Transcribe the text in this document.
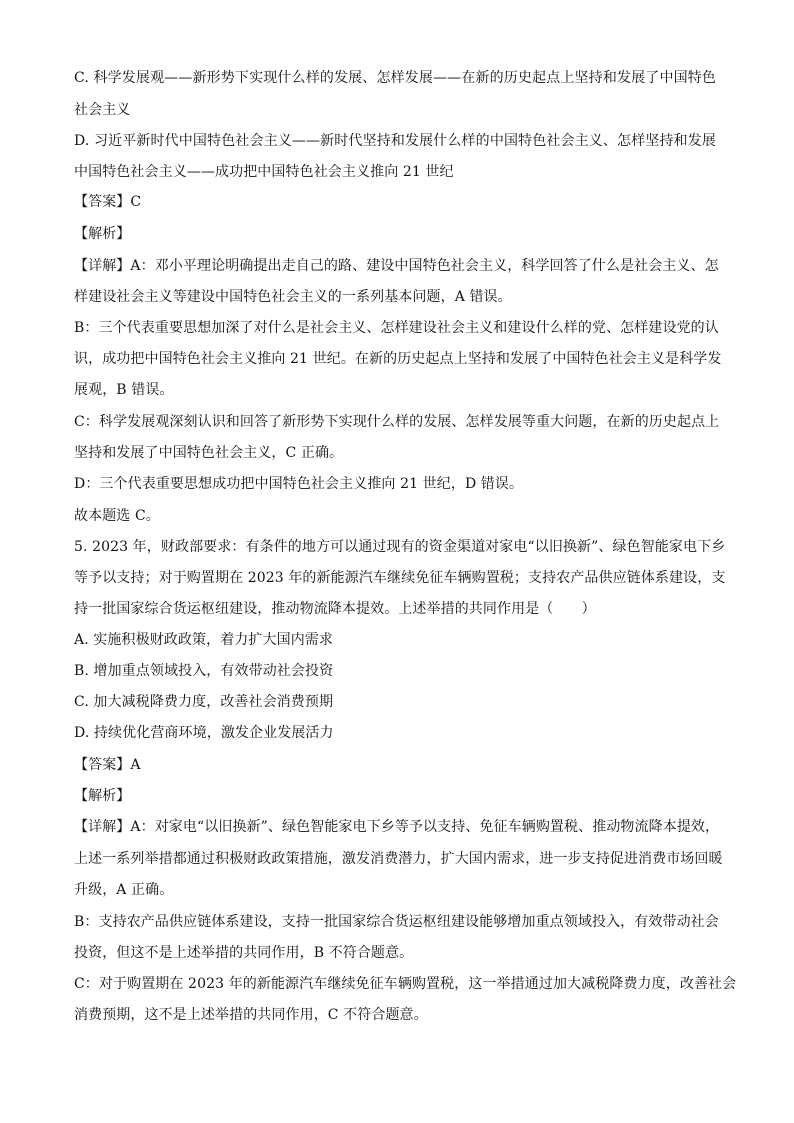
C. 科学发展观——新形势下实现什么样的发展、怎样发展——在新的历史起点上坚持和发展了中国特色
社会主义
D. 习近平新时代中国特色社会主义——新时代坚持和发展什么样的中国特色社会主义、怎样坚持和发展
中国特色社会主义——成功把中国特色社会主义推向 21 世纪
【答案】C
【解析】
【详解】A：邓小平理论明确提出走自己的路、建设中国特色社会主义，科学回答了什么是社会主义、怎
样建设社会主义等建设中国特色社会主义的一系列基本问题，A 错误。
B：三个代表重要思想加深了对什么是社会主义、怎样建设社会主义和建设什么样的党、怎样建设党的认
识，成功把中国特色社会主义推向 21 世纪。在新的历史起点上坚持和发展了中国特色社会主义是科学发
展观，B 错误。
C：科学发展观深刻认识和回答了新形势下实现什么样的发展、怎样发展等重大问题，在新的历史起点上
坚持和发展了中国特色社会主义，C 正确。
D：三个代表重要思想成功把中国特色社会主义推向 21 世纪，D 错误。
故本题选 C。
5. 2023 年，财政部要求：有条件的地方可以通过现有的资金渠道对家电“以旧换新”、绿色智能家电下乡
等予以支持；对于购置期在 2023 年的新能源汽车继续免征车辆购置税；支持农产品供应链体系建设，支
持一批国家综合货运枢纽建设，推动物流降本提效。上述举措的共同作用是（　　）
A. 实施积极财政政策，着力扩大国内需求
B. 增加重点领域投入，有效带动社会投资
C. 加大减税降费力度，改善社会消费预期
D. 持续优化营商环境，激发企业发展活力
【答案】A
【解析】
【详解】A：对家电“以旧换新”、绿色智能家电下乡等予以支持、免征车辆购置税、推动物流降本提效，
上述一系列举措都通过积极财政政策措施，激发消费潜力，扩大国内需求，进一步支持促进消费市场回暖
升级，A 正确。
B：支持农产品供应链体系建设，支持一批国家综合货运枢纽建设能够增加重点领域投入，有效带动社会
投资，但这不是上述举措的共同作用，B 不符合题意。
C：对于购置期在 2023 年的新能源汽车继续免征车辆购置税，这一举措通过加大减税降费力度，改善社会
消费预期，这不是上述举措的共同作用，C 不符合题意。
